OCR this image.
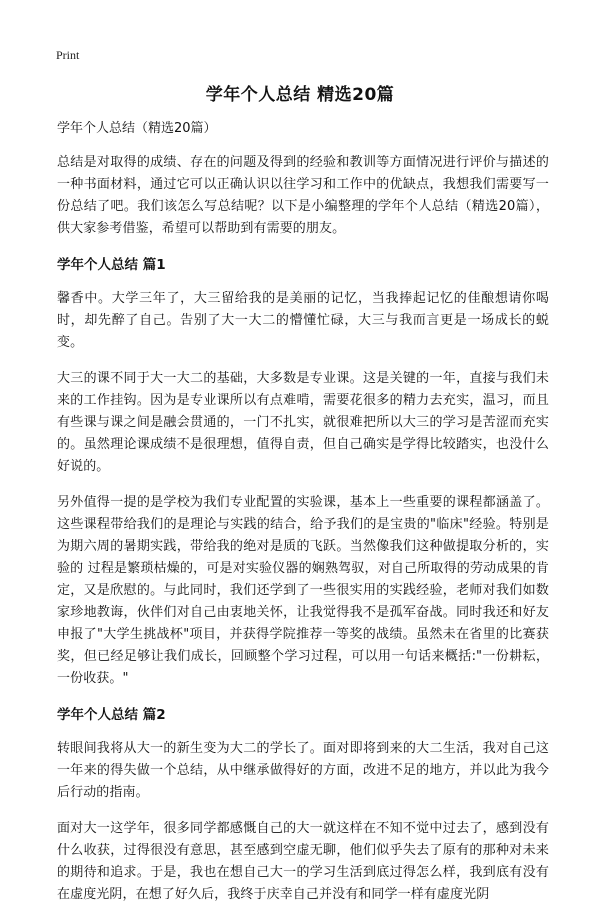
Print
学年个人总结 精选20篇
学年个人总结（精选20篇）

总结是对取得的成绩、存在的问题及得到的经验和教训等方面情况进行评价与描述的一种书面材料，通过它可以正确认识以往学习和工作中的优缺点，我想我们需要写一份总结了吧。我们该怎么写总结呢？以下是小编整理的学年个人总结（精选20篇），供大家参考借鉴，希望可以帮助到有需要的朋友。

学年个人总结 篇1

馨香中。大学三年了，大三留给我的是美丽的记忆，当我捧起记忆的佳酿想请你喝时，却先醉了自己。告别了大一大二的懵懂忙碌，大三与我而言更是一场成长的蜕变。

大三的课不同于大一大二的基础，大多数是专业课。这是关键的一年，直接与我们未来的工作挂钩。因为是专业课所以有点难啃，需要花很多的精力去充实，温习，而且有些课与课之间是融会贯通的，一门不扎实，就很难把所以大三的学习是苦涩而充实的。虽然理论课成绩不是很理想，值得自责，但自己确实是学得比较踏实，也没什么好说的。

另外值得一提的是学校为我们专业配置的实验课，基本上一些重要的课程都涵盖了。这些课程带给我们的是理论与实践的结合，给予我们的是宝贵的"临床"经验。特别是为期六周的暑期实践，带给我的绝对是质的飞跃。当然像我们这种做提取分析的，实验的 过程是繁琐枯燥的，可是对实验仪器的娴熟驾驭，对自己所取得的劳动成果的肯定，又是欣慰的。与此同时，我们还学到了一些很实用的实践经验，老师对我们如数家珍地教诲，伙伴们对自己由衷地关怀，让我觉得我不是孤军奋战。同时我还和好友申报了"大学生挑战杯"项目，并获得学院推荐一等奖的战绩。虽然未在省里的比赛获奖，但已经足够让我们成长，回顾整个学习过程，可以用一句话来概括:"一份耕耘，一份收获。"

学年个人总结 篇2

转眼间我将从大一的新生变为大二的学长了。面对即将到来的大二生活，我对自己这一年来的得失做一个总结，从中继承做得好的方面，改进不足的地方，并以此为我今后行动的指南。

面对大一这学年，很多同学都感慨自己的大一就这样在不知不觉中过去了，感到没有什么收获，过得很没有意思，甚至感到空虚无聊，他们似乎失去了原有的那种对未来的期待和追求。于是，我也在想自己大一的学习生活到底过得怎么样，我到底有没有在虚度光阴，在想了好久后，我终于庆幸自己并没有和同学一样有虚度光阴
